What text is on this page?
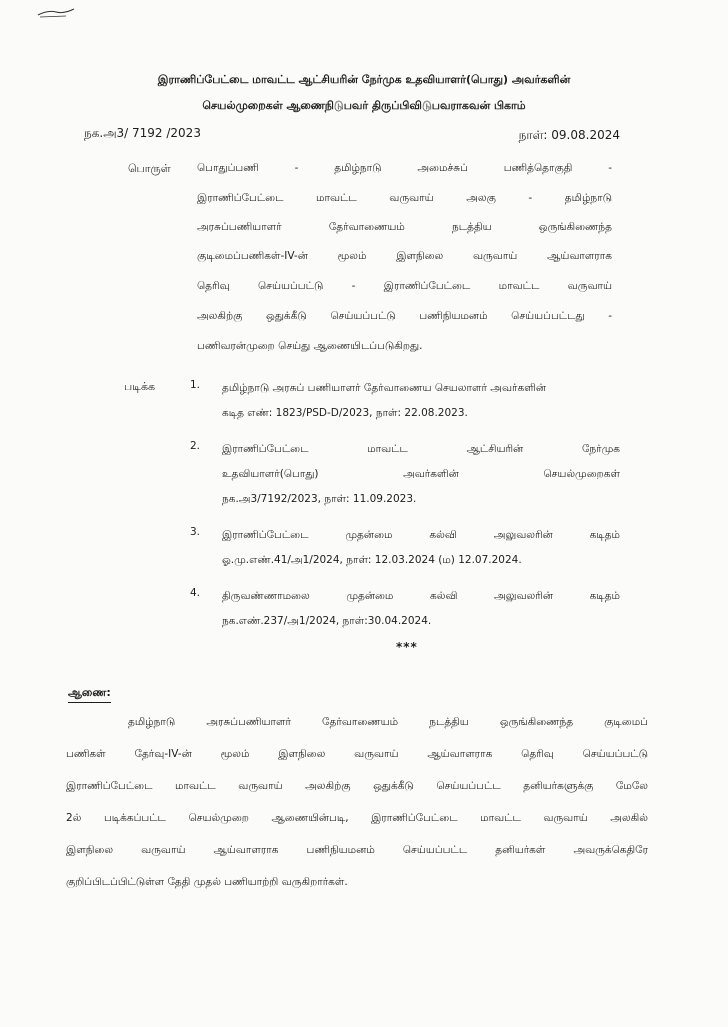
இராணிப்பேட்டை மாவட்ட ஆட்சியரின் நேர்முக உதவியாளர்(பொது) அவர்களின்
செயல்முறைகள் ஆணைநிடுபவர் திருப்பிவிடுபவராகவன் பிகாம்
நக.அ3/ 7192 /2023	நாள்: 09.08.2024
பொருள்	பொதுப்பணி - தமிழ்நாடு அமைச்சுப் பணித்தொகுதி -
இராணிப்பேட்டை மாவட்ட வருவாய் அலகு - தமிழ்நாடு
அரசுப்பணியாளர் தேர்வாணையம் நடத்திய ஒருங்கிணைந்த
குடிமைப்பணிகள்-IV-ன் மூலம் இளநிலை வருவாய் ஆய்வாளராக
தெரிவு செய்யப்பட்டு - இராணிப்பேட்டை மாவட்ட வருவாய்
அலகிற்கு ஒதுக்கீடு செய்யப்பட்டு பணிநியமனம் செய்யப்பட்டது -
பணிவரன்முறை செய்து ஆணையிடப்படுகிறது.
படிக்க	1. தமிழ்நாடு அரசுப் பணியாளர் தேர்வாணைய செயலாளர் அவர்களின்
கடித எண்: 1823/PSD-D/2023, நாள்: 22.08.2023.
2. இராணிப்பேட்டை மாவட்ட ஆட்சியரின் நேர்முக
உதவியாளர்(பொது) அவர்களின் செயல்முறைகள்
நக.அ3/7192/2023, நாள்: 11.09.2023.
3. இராணிப்பேட்டை முதன்மை கல்வி அலுவலரின் கடிதம்
ஓ.மு.எண்.41/அ1/2024, நாள்: 12.03.2024 (ம) 12.07.2024.
4. திருவண்ணாமலை முதன்மை கல்வி அலுவலரின் கடிதம்
நக.எண்.237/அ1/2024, நாள்:30.04.2024.
***
ஆணை:
தமிழ்நாடு அரசுப்பணியாளர் தேர்வாணையம் நடத்திய ஒருங்கிணைந்த குடிமைப்
பணிகள் தேர்வு-IV-ன் மூலம் இளநிலை வருவாய் ஆய்வாளராக தெரிவு செய்யப்பட்டு
இராணிப்பேட்டை மாவட்ட வருவாய் அலகிற்கு ஒதுக்கீடு செய்யப்பட்ட தனியர்களுக்கு மேலே
2ல் படிக்கப்பட்ட செயல்முறை ஆணையின்படி, இராணிப்பேட்டை மாவட்ட வருவாய் அலகில்
இளநிலை வருவாய் ஆய்வாளராக பணிநியமனம் செய்யப்பட்ட தனியர்கள் அவருக்கெதிரே
குறிப்பிடப்பிட்டுள்ள தேதி முதல் பணியாற்றி வருகிறார்கள்.
